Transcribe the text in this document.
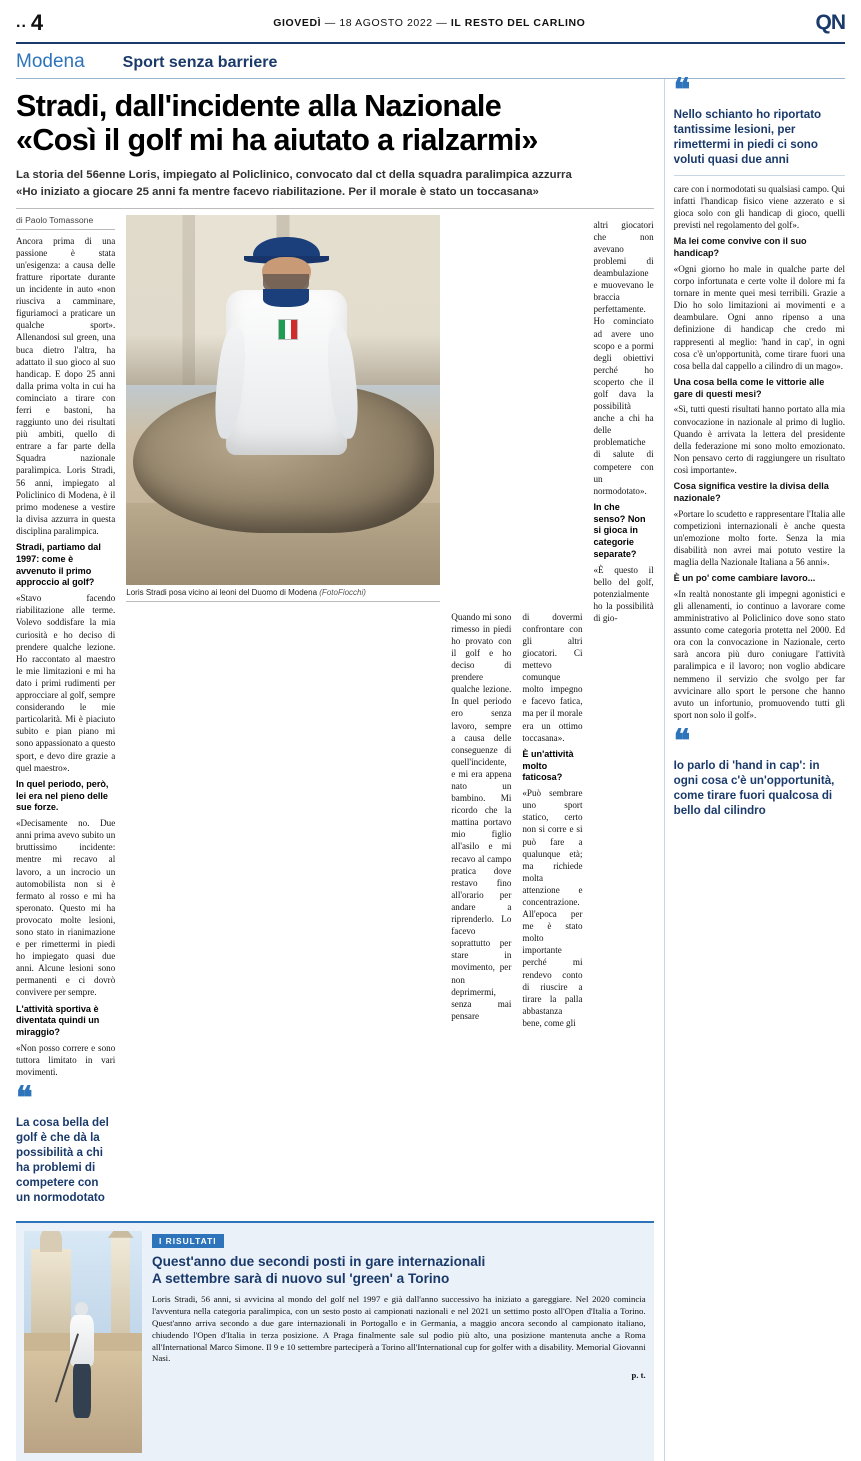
.. 4	GIOVEDÌ — 18 AGOSTO 2022 — IL RESTO DEL CARLINO	QN
Modena Sport senza barriere
Stradi, dall'incidente alla Nazionale
«Così il golf mi ha aiutato a rialzarmi»
La storia del 56enne Loris, impiegato al Policlinico, convocato dal ct della squadra paralimpica azzurra
«Ho iniziato a giocare 25 anni fa mentre facevo riabilitazione. Per il morale è stato un toccasana»
di Paolo Tomassone

Ancora prima di una passione è stata un'esigenza: a causa delle fratture riportate durante un incidente in auto «non riusciva a camminare, figuriamoci a praticare un qualche sport». Allenandosi sul green, una buca dietro l'altra, ha adattato il suo gioco al suo handicap. E dopo 25 anni dalla prima volta in cui ha cominciato a tirare con ferri e bastoni, ha raggiunto uno dei risultati più ambiti, quello di entrare a far parte della Squadra nazionale paralimpica. Loris Stradi, 56 anni, impiegato al Policlinico di Modena, è il primo modenese a vestire la divisa azzurra in questa disciplina paralimpica.

Stradi, partiamo dal 1997: come è avvenuto il primo approccio al golf?

«Stavo facendo riabilitazione alle terme. Volevo soddisfare la mia curiosità e ho deciso di prendere qualche lezione. Ho raccontato al maestro le mie limitazioni e mi ha dato i primi rudimenti per approcciare al golf, sempre considerando le mie particolarità. Mi è piaciuto subito e pian piano mi sono appassionato a questo sport, e devo dire grazie a quel maestro».

In quel periodo, però, lei era nel pieno delle sue forze.

«Decisamente no. Due anni prima avevo subito un bruttissimo incidente: mentre mi recavo al lavoro, a un incrocio un automobilista non si è fermato al rosso e mi ha speronato. Questo mi ha provocato molte lesioni, sono stato in rianimazione e per rimettermi in piedi ho impiegato quasi due anni. Alcune lesioni sono permanenti e ci dovrò convivere per sempre.

L'attività sportiva è diventata quindi un miraggio?

«Non posso correre e sono tuttora limitato in vari movimenti.

❝
La cosa bella del golf è che dà la possibilità a chi ha problemi di competere con un normodotato
Loris Stradi posa vicino ai leoni del Duomo di Modena (FotoFiocchi)

Quando mi sono rimesso in piedi ho provato con il golf e ho deciso di prendere qualche lezione. In quel periodo ero senza lavoro, sempre a causa delle conseguenze di quell'incidente, e mi era appena nato un bambino. Mi ricordo che la mattina portavo mio figlio all'asilo e mi recavo al campo pratica dove restavo fino all'orario per andare a riprenderlo. Lo facevo soprattutto per stare in movimento, per non deprimermi, senza mai pensare

di dovermi confrontare con gli altri giocatori. Ci mettevo comunque molto impegno e facevo fatica, ma per il morale era un ottimo toccasana».

È un'attività molto faticosa?

«Può sembrare uno sport statico, certo non si corre e si può fare a qualunque età; ma richiede molta attenzione e concentrazione. All'epoca per me è stato molto importante perché mi rendevo conto di riuscire a tirare la palla abbastanza bene, come gli

altri giocatori che non avevano problemi di deambulazione e muovevano le braccia perfettamente. Ho cominciato ad avere uno scopo e a pormi degli obiettivi perché ho scoperto che il golf dava la possibilità anche a chi ha delle problematiche di salute di competere con un normodotato».

In che senso? Non si gioca in categorie separate?

«È questo il bello del golf, potenzialmente ho la possibilità di gio-

I RISULTATI
Quest'anno due secondi posti in gare internazionali
A settembre sarà di nuovo sul 'green' a Torino

Loris Stradi, 56 anni, si avvicina al mondo del golf nel 1997 e già dall'anno successivo ha iniziato a gareggiare. Nel 2020 comincia l'avventura nella categoria paralimpica, con un sesto posto ai campionati nazionali e nel 2021 un settimo posto all'Open d'Italia a Torino. Quest'anno arriva secondo a due gare internazionali in Portogallo e in Germania, a maggio ancora secondo al campionato italiano, chiudendo l'Open d'Italia in terza posizione. A Praga finalmente sale sul podio più alto, una posizione mantenuta anche a Roma all'International Marco Simone. Il 9 e 10 settembre parteciperà a Torino all'International cup for golfer with a disability. Memorial Giovanni Nasi.

p. t.
❝
Nello schianto ho riportato tantissime lesioni, per rimettermi in piedi ci sono voluti quasi due anni

care con i normodotati su qualsiasi campo. Qui infatti l'handicap fisico viene azzerato e si gioca solo con gli handicap di gioco, quelli previsti nel regolamento del golf».

Ma lei come convive con il suo handicap?

«Ogni giorno ho male in qualche parte del corpo infortunata e certe volte il dolore mi fa tornare in mente quei mesi terribili. Grazie a Dio ho solo limitazioni ai movimenti e a deambulare. Ogni anno ripenso a una definizione di handicap che credo mi rappresenti al meglio: 'hand in cap', in ogni cosa c'è un'opportunità, come tirare fuori una cosa bella dal cappello a cilindro di un mago».

Una cosa bella come le vittorie alle gare di questi mesi?

«Sì, tutti questi risultati hanno portato alla mia convocazione in nazionale al primo di luglio. Quando è arrivata la lettera del presidente della federazione mi sono molto emozionato. Non pensavo certo di raggiungere un risultato così importante».

Cosa significa vestire la divisa della nazionale?

«Portare lo scudetto e rappresentare l'Italia alle competizioni internazionali è anche questa un'emozione molto forte. Senza la mia disabilità non avrei mai potuto vestire la maglia della Nazionale Italiana a 56 anni».

È un po' come cambiare lavoro...

«In realtà nonostante gli impegni agonistici e gli allenamenti, io continuo a lavorare come amministrativo al Policlinico dove sono stato assunto come categoria protetta nel 2000. Ed ora con la convocazione in Nazionale, certo sarà ancora più duro coniugare l'attività paralimpica e il lavoro; non voglio abdicare nemmeno il servizio che svolgo per far avvicinare allo sport le persone che hanno avuto un infortunio, promuovendo tutti gli sport non solo il golf».

❝
Io parlo di 'hand in cap': in ogni cosa c'è un'opportunità, come tirare fuori qualcosa di bello dal cilindro
